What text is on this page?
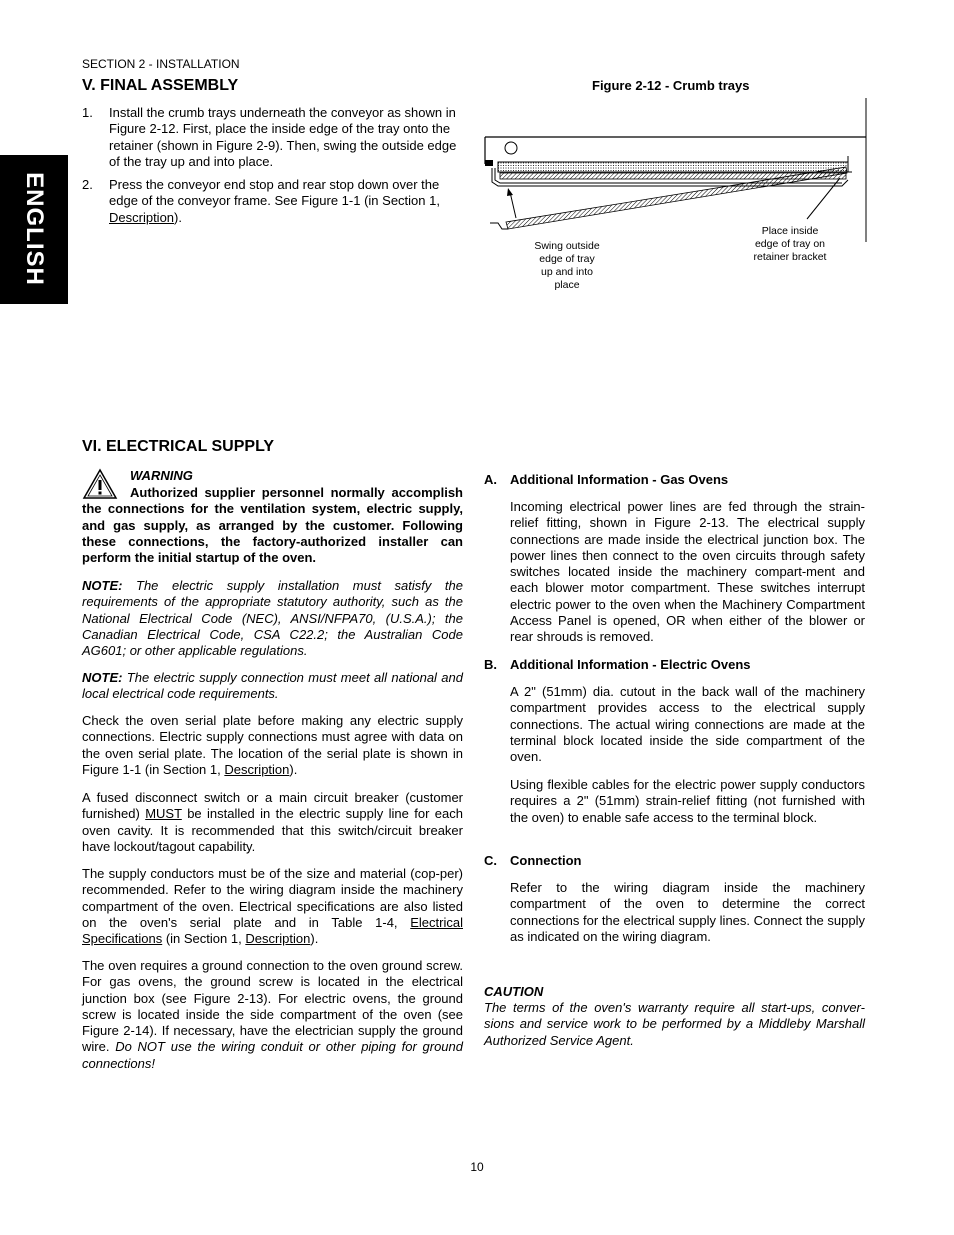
ENGLISH
SECTION 2 - INSTALLATION
V. FINAL ASSEMBLY
1. Install the crumb trays underneath the conveyor as shown in Figure 2-12. First, place the inside edge of the tray onto the retainer (shown in Figure 2-9). Then, swing the outside edge of the tray up and into place.
2. Press the conveyor end stop and rear stop down over the edge of the conveyor frame. See Figure 1-1 (in Section 1, Description).
Figure 2-12 - Crumb trays
Swing outside
edge of tray
up and into
place
Place inside
edge of tray on
retainer bracket
VI. ELECTRICAL SUPPLY
WARNING
Authorized supplier personnel normally accomplish the connections for the ventilation system, electric supply, and gas supply, as arranged by the customer. Following these connections, the factory-authorized installer can perform the initial startup of the oven.
NOTE: The electric supply installation must satisfy the requirements of the appropriate statutory authority, such as the National Electrical Code (NEC), ANSI/NFPA70, (U.S.A.); the Canadian Electrical Code, CSA C22.2; the Australian Code AG601; or other applicable regulations.
NOTE: The electric supply connection must meet all national and local electrical code requirements.
Check the oven serial plate before making any electric supply connections. Electric supply connections must agree with data on the oven serial plate. The location of the serial plate is shown in Figure 1-1 (in Section 1, Description).
A fused disconnect switch or a main circuit breaker (customer furnished) MUST be installed in the electric supply line for each oven cavity. It is recommended that this switch/circuit breaker have lockout/tagout capability.
The supply conductors must be of the size and material (cop-per) recommended. Refer to the wiring diagram inside the machinery compartment of the oven. Electrical specifications are also listed on the oven's serial plate and in Table 1-4, Electrical Specifications (in Section 1, Description).
The oven requires a ground connection to the oven ground screw. For gas ovens, the ground screw is located in the electrical junction box (see Figure 2-13). For electric ovens, the ground screw is located inside the side compartment of the oven (see Figure 2-14). If necessary, have the electrician supply the ground wire. Do NOT use the wiring conduit or other piping for ground connections!
A. Additional Information - Gas Ovens
Incoming electrical power lines are fed through the strain-relief fitting, shown in Figure 2-13. The electrical supply connections are made inside the electrical junction box. The power lines then connect to the oven circuits through safety switches located inside the machinery compart-ment and each blower motor compartment. These switches interrupt electric power to the oven when the Machinery Compartment Access Panel is opened, OR when either of the blower or rear shrouds is removed.
B. Additional Information - Electric Ovens
A 2" (51mm) dia. cutout in the back wall of the machinery compartment provides access to the electrical supply connections. The actual wiring connections are made at the terminal block located inside the side compartment of the oven.
Using flexible cables for the electric power supply conductors requires a 2" (51mm) strain-relief fitting (not furnished with the oven) to enable safe access to the terminal block.
C. Connection
Refer to the wiring diagram inside the machinery compartment of the oven to determine the correct connections for the electrical supply lines. Connect the supply as indicated on the wiring diagram.
CAUTION
The terms of the oven's warranty require all start-ups, conver-sions and service work to be performed by a Middleby Marshall Authorized Service Agent.
10
